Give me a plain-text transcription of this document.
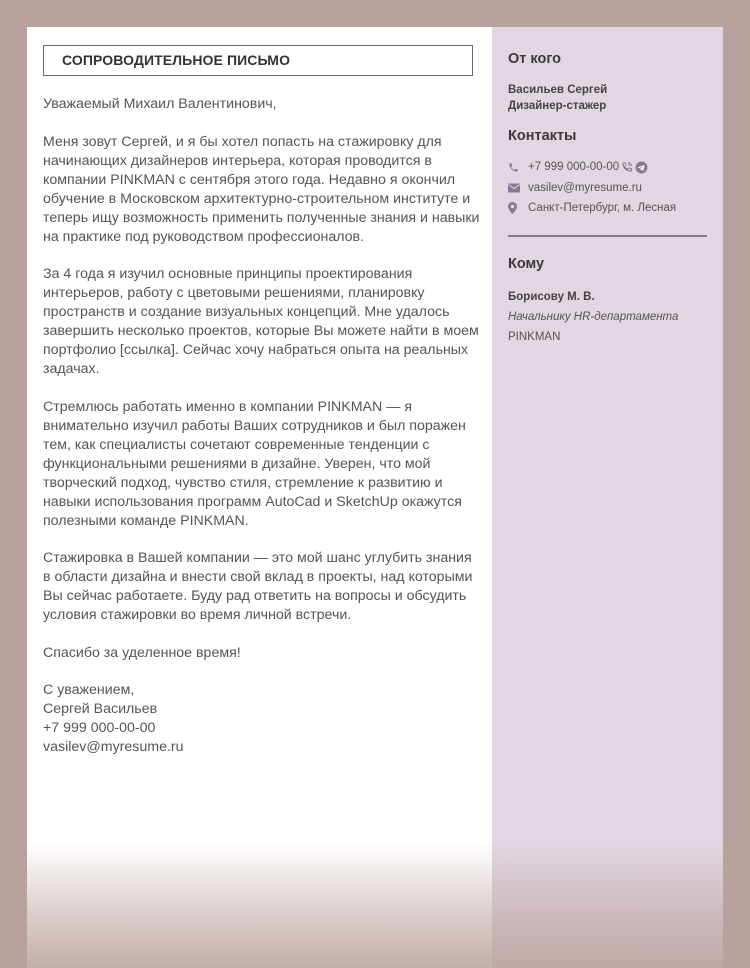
СОПРОВОДИТЕЛЬНОЕ ПИСЬМО

Уважаемый Михаил Валентинович,

Меня зовут Сергей, и я бы хотел попасть на стажировку для начинающих дизайнеров интерьера, которая проводится в компании PINKMAN с сентября этого года. Недавно я окончил обучение в Московском архитектурно-строительном институте и теперь ищу возможность применить полученные знания и навыки на практике под руководством профессионалов.

За 4 года я изучил основные принципы проектирования интерьеров, работу с цветовыми решениями, планировку пространств и создание визуальных концепций. Мне удалось завершить несколько проектов, которые Вы можете найти в моем портфолио [ссылка]. Сейчас хочу набраться опыта на реальных задачах.

Стремлюсь работать именно в компании PINKMAN — я внимательно изучил работы Ваших сотрудников и был поражен тем, как специалисты сочетают современные тенденции с функциональными решениями в дизайне. Уверен, что мой творческий подход, чувство стиля, стремление к развитию и навыки использования программ AutoCad и SketchUp окажутся полезными команде PINKMAN.

Стажировка в Вашей компании — это мой шанс углубить знания в области дизайна и внести свой вклад в проекты, над которыми Вы сейчас работаете. Буду рад ответить на вопросы и обсудить условия стажировки во время личной встречи.

Спасибо за уделенное время!

С уважением,

Сергей Васильев

+7 999 000-00-00

vasilev@myresume.ru

От кого
Васильев Сергей
Дизайнер-стажер
Контакты
+7 999 000-00-00
vasilev@myresume.ru
Санкт-Петербург, м. Лесная
Кому
Борисову М. В.
Начальнику HR-департамента
PINKMAN
